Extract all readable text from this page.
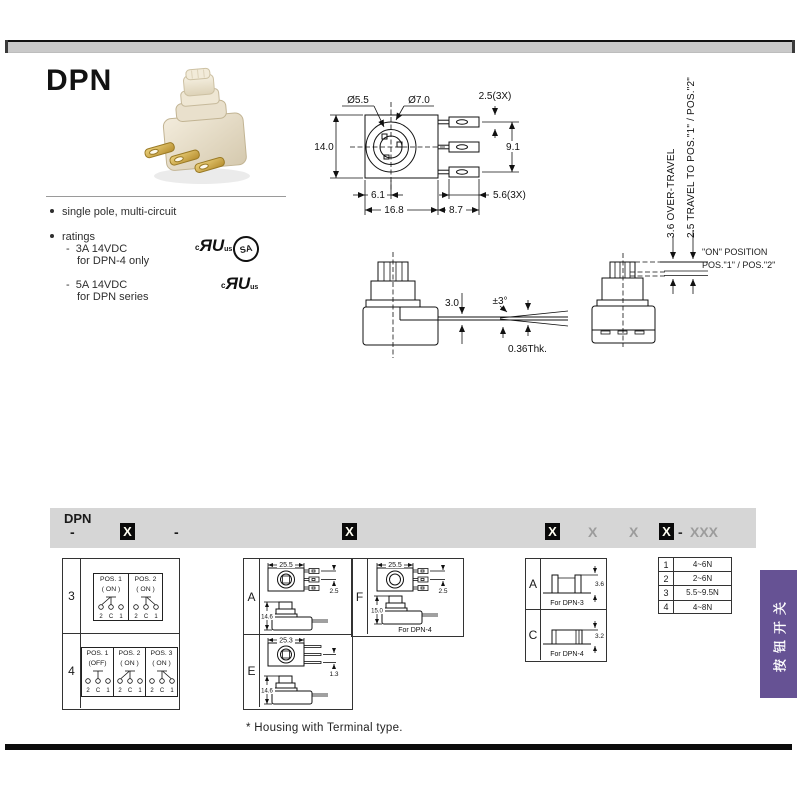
DPN
single pole, multi-circuit
ratings
- 3A 14VDC
for DPN-4 only
- 5A 14VDC
for DPN series
c ЯU us SA
c ЯU us
Ø5.5	Ø7.0	2.5(3X)
14.0	9.1
6.1
16.8	8.7
5.6(3X)
3.0	±3°
0.36Thk.
3.6 OVER-TRAVEL 2.5 TRAVEL TO POS."1" / POS."2"
"ON" POSITION
POS."1" / POS."2"
DPN
-	X	-	X	X X X X - XXX
3
4
POS. 1
( ON )
2 C 1
POS. 2
( ON )
2 C 1
POS. 1
(OFF)
2 C 1
POS. 2
( ON )
2 C 1
POS. 3
( ON )
2 C 1
A
E
25.5
2.5
14.6
25.3
1.3
14.6
F
25.5
2.5
15.0
For DPN-4
A
C
3.6
For DPN-3
3.2
For DPN-4
1	4~6N
2	2~6N
3	5.5~9.5N
4	4~8N
* Housing with Terminal type.
按钮开关
